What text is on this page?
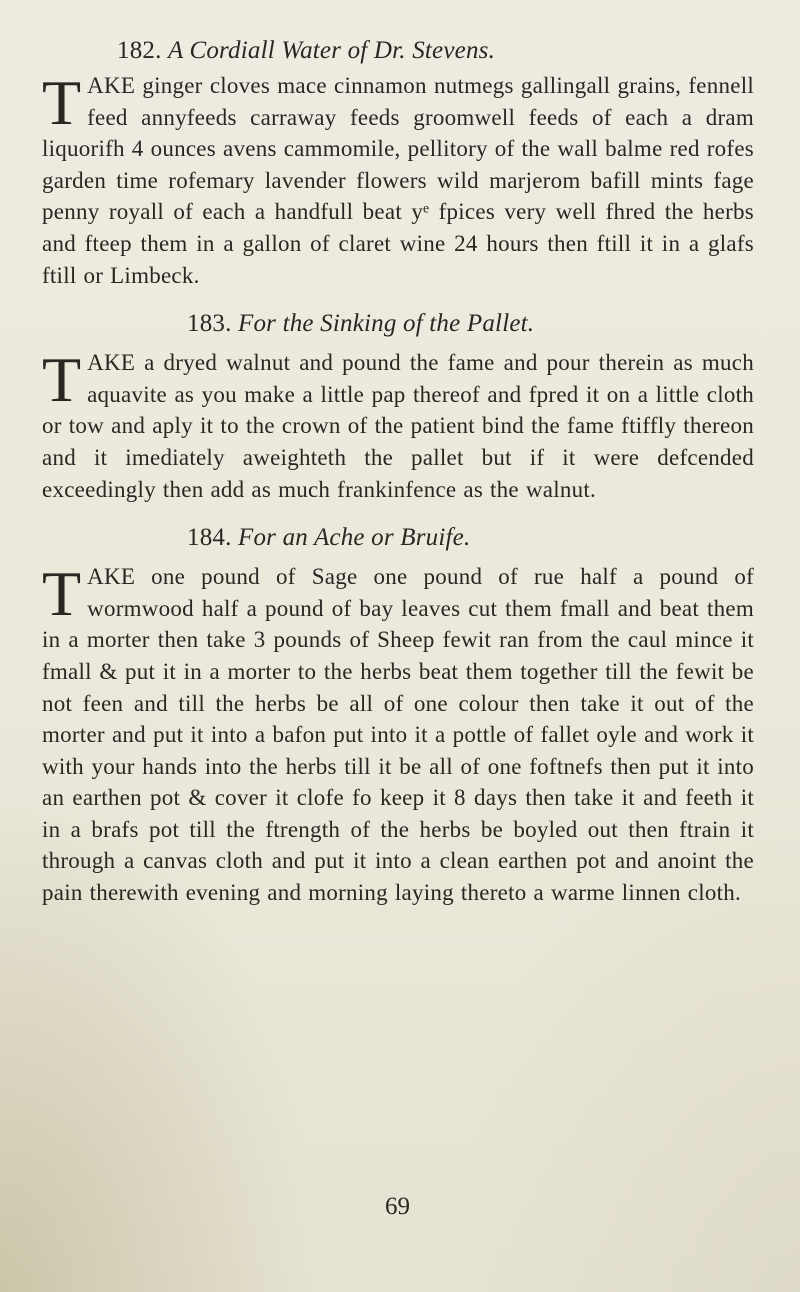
182. A Cordiall Water of Dr. Stevens.

T AKE ginger cloves mace cinnamon nutmegs gallingall grains, fennell feed annyfeeds carraway feeds groomwell feeds of each a dram liquorifh 4 ounces avens cammomile, pellitory of the wall balme red rofes garden time rofemary lavender flowers wild marjerom bafill mints fage penny royall of each a handfull beat yᵉ fpices very well fhred the herbs and fteep them in a gallon of claret wine 24 hours then ftill it in a glafs ftill or Limbeck.

183. For the Sinking of the Pallet.

T AKE a dryed walnut and pound the fame and pour therein as much aquavite as you make a little pap thereof and fpred it on a little cloth or tow and aply it to the crown of the patient bind the fame ftiffly thereon and it imediately aweighteth the pallet but if it were defcended exceedingly then add as much frankinfence as the walnut.

184. For an Ache or Bruife.

T AKE one pound of Sage one pound of rue half a pound of wormwood half a pound of bay leaves cut them fmall and beat them in a morter then take 3 pounds of Sheep fewit ran from the caul mince it fmall & put it in a morter to the herbs beat them together till the fewit be not feen and till the herbs be all of one colour then take it out of the morter and put it into a bafon put into it a pottle of fallet oyle and work it with your hands into the herbs till it be all of one foftnefs then put it into an earthen pot & cover it clofe fo keep it 8 days then take it and feeth it in a brafs pot till the ftrength of the herbs be boyled out then ftrain it through a canvas cloth and put it into a clean earthen pot and anoint the pain therewith evening and morning laying thereto a warme linnen cloth.

69
